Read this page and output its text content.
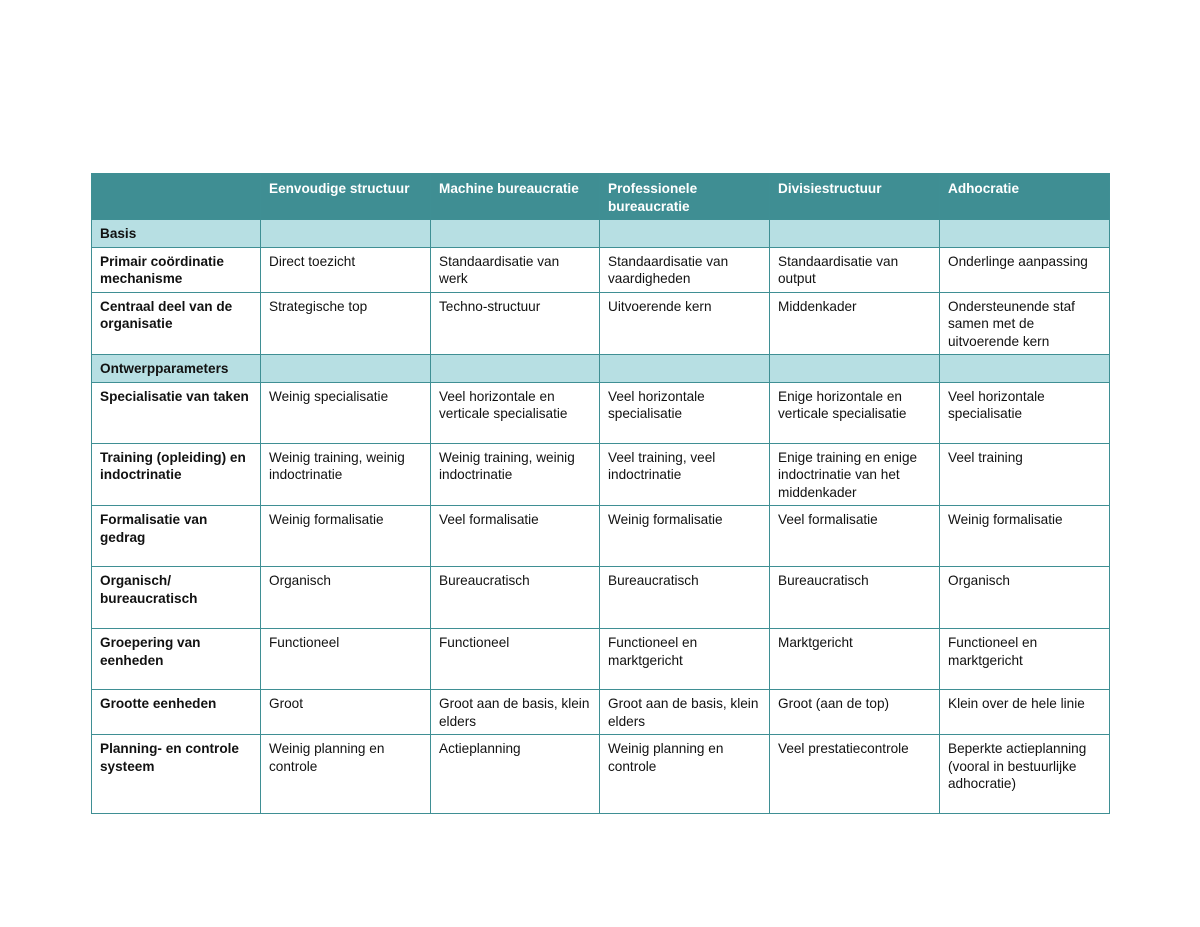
	Eenvoudige structuur	Machine bureaucratie	Professionele bureaucratie	Divisiestructuur	Adhocratie
Basis					
Primair coördinatie mechanisme	Direct toezicht	Standaardisatie van werk	Standaardisatie van vaardigheden	Standaardisatie van output	Onderlinge aanpassing
Centraal deel van de organisatie	Strategische top	Techno-structuur	Uitvoerende kern	Middenkader	Ondersteunende staf samen met de uitvoerende kern
Ontwerpparameters					
Specialisatie van taken	Weinig specialisatie	Veel horizontale en verticale specialisatie	Veel horizontale specialisatie	Enige horizontale en verticale specialisatie	Veel horizontale specialisatie
Training (opleiding) en indoctrinatie	Weinig training, weinig indoctrinatie	Weinig training, weinig indoctrinatie	Veel training, veel indoctrinatie	Enige training en enige indoctrinatie van het middenkader	Veel training
Formalisatie van gedrag	Weinig formalisatie	Veel formalisatie	Weinig formalisatie	Veel formalisatie	Weinig formalisatie
Organisch/ bureaucratisch	Organisch	Bureaucratisch	Bureaucratisch	Bureaucratisch	Organisch
Groepering van eenheden	Functioneel	Functioneel	Functioneel en marktgericht	Marktgericht	Functioneel en marktgericht
Grootte eenheden	Groot	Groot aan de basis, klein elders	Groot aan de basis, klein elders	Groot (aan de top)	Klein over de hele linie
Planning- en controle systeem	Weinig planning en controle	Actieplanning	Weinig planning en controle	Veel prestatiecontrole	Beperkte actieplanning (vooral in bestuurlijke adhocratie)
